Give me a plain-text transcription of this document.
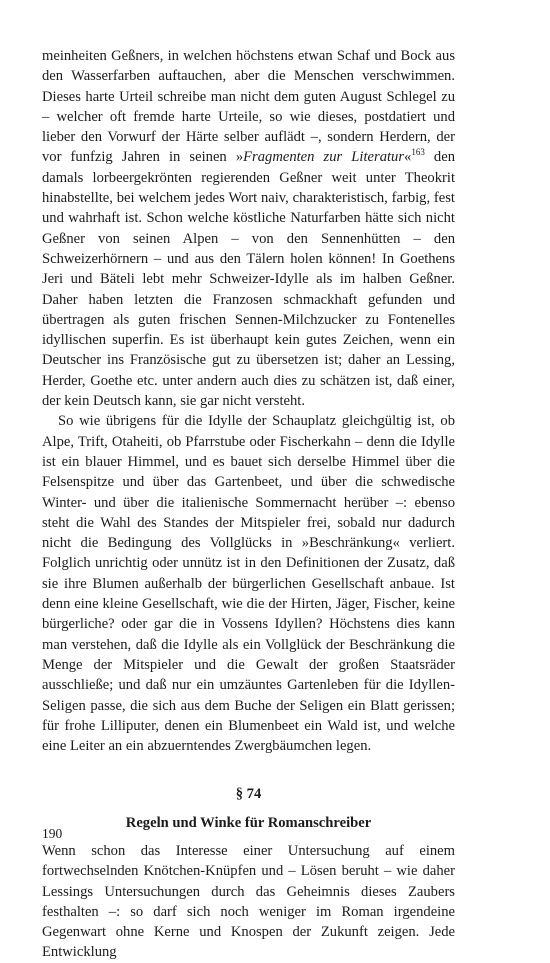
meinheiten Geßners, in welchen höchstens etwan Schaf und Bock aus den Wasserfarben auftauchen, aber die Menschen verschwimmen. Dieses harte Urteil schreibe man nicht dem guten August Schlegel zu – welcher oft fremde harte Urteile, so wie dieses, postdatiert und lieber den Vorwurf der Härte selber auflädt –, sondern Herdern, der vor funfzig Jahren in seinen »Fragmenten zur Literatur«$^{163}$ den damals lorbeergekrönten regierenden Geßner weit unter Theokrit hinabstellte, bei welchem jedes Wort naiv, charakteristisch, farbig, fest und wahrhaft ist. Schon welche köstliche Naturfarben hätte sich nicht Geßner von seinen Alpen – von den Sennenhütten – den Schweizerhörnern – und aus den Tälern holen können! In Goethens Jeri und Bäteli lebt mehr Schweizer-Idylle als im halben Geßner. Daher haben letzten die Franzosen schmackhaft gefunden und übertragen als guten frischen Sennen-Milchzucker zu Fontenelles idyllischen superfin. Es ist überhaupt kein gutes Zeichen, wenn ein Deutscher ins Französische gut zu übersetzen ist; daher an Lessing, Herder, Goethe etc. unter andern auch dies zu schätzen ist, daß einer, der kein Deutsch kann, sie gar nicht versteht.

So wie übrigens für die Idylle der Schauplatz gleichgültig ist, ob Alpe, Trift, Otaheiti, ob Pfarrstube oder Fischerkahn – denn die Idylle ist ein blauer Himmel, und es bauet sich derselbe Himmel über die Felsenspitze und über das Gartenbeet, und über die schwedische Winter- und über die italienische Sommernacht herüber –: ebenso steht die Wahl des Standes der Mitspieler frei, sobald nur dadurch nicht die Bedingung des Vollglücks in »Beschränkung« verliert. Folglich unrichtig oder unnütz ist in den Definitionen der Zusatz, daß sie ihre Blumen außerhalb der bürgerlichen Gesellschaft anbaue. Ist denn eine kleine Gesellschaft, wie die der Hirten, Jäger, Fischer, keine bürgerliche? oder gar die in Vossens Idyllen? Höchstens dies kann man verstehen, daß die Idylle als ein Vollglück der Beschränkung die Menge der Mitspieler und die Gewalt der großen Staatsräder ausschließe; und daß nur ein umzäuntes Gartenleben für die Idyllen-Seligen passe, die sich aus dem Buche der Seligen ein Blatt gerissen; für frohe Lilliputer, denen ein Blumenbeet ein Wald ist, und welche eine Leiter an ein abzuerntendes Zwergbäumchen legen.

§ 74

Regeln und Winke für Romanschreiber

Wenn schon das Interesse einer Untersuchung auf einem fortwechselnden Knötchen-Knüpfen und – Lösen beruht – wie daher Lessings Untersuchungen durch das Geheimnis dieses Zaubers festhalten –: so darf sich noch weniger im Roman irgendeine Gegenwart ohne Kerne und Knospen der Zukunft zeigen. Jede Entwicklung

190
